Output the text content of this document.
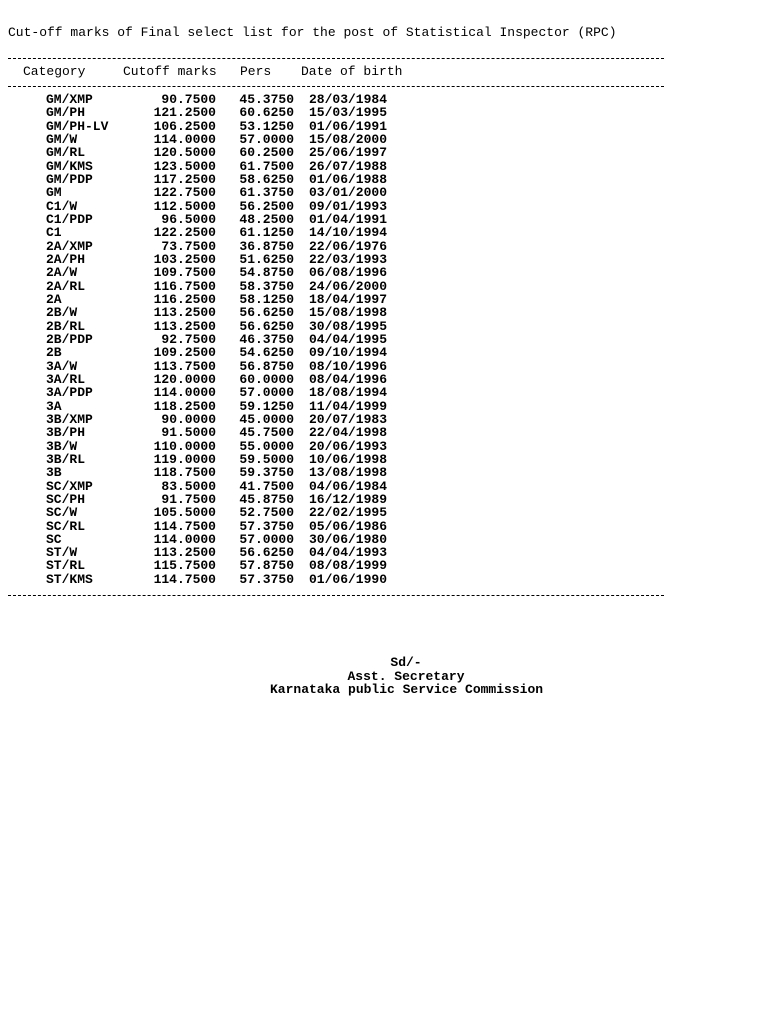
Cut-off marks of Final select list for the post of Statistical Inspector (RPC)
Category	Cutoff marks Pers Date of birth
GM/XMP	90.7500 45.3750 28/03/1984
GM/PH	121.2500 60.6250 15/03/1995
GM/PH-LV	106.2500 53.1250 01/06/1991
GM/W	114.0000 57.0000 15/08/2000
GM/RL	120.5000 60.2500 25/06/1997
GM/KMS	123.5000 61.7500 26/07/1988
GM/PDP	117.2500 58.6250 01/06/1988
GM	122.7500 61.3750 03/01/2000
C1/W	112.5000 56.2500 09/01/1993
C1/PDP	96.5000 48.2500 01/04/1991
C1	122.2500 61.1250 14/10/1994
2A/XMP	73.7500 36.8750 22/06/1976
2A/PH	103.2500 51.6250 22/03/1993
2A/W	109.7500 54.8750 06/08/1996
2A/RL	116.7500 58.3750 24/06/2000
2A	116.2500 58.1250 18/04/1997
2B/W	113.2500 56.6250 15/08/1998
2B/RL	113.2500 56.6250 30/08/1995
2B/PDP	92.7500 46.3750 04/04/1995
2B	109.2500 54.6250 09/10/1994
3A/W	113.7500 56.8750 08/10/1996
3A/RL	120.0000 60.0000 08/04/1996
3A/PDP	114.0000 57.0000 18/08/1994
3A	118.2500 59.1250 11/04/1999
3B/XMP	90.0000 45.0000 20/07/1983
3B/PH	91.5000 45.7500 22/04/1998
3B/W	110.0000 55.0000 20/06/1993
3B/RL	119.0000 59.5000 10/06/1998
3B	118.7500 59.3750 13/08/1998
SC/XMP	83.5000 41.7500 04/06/1984
SC/PH	91.7500 45.8750 16/12/1989
SC/W	105.5000 52.7500 22/02/1995
SC/RL	114.7500 57.3750 05/06/1986
SC	114.0000 57.0000 30/06/1980
ST/W	113.2500 56.6250 04/04/1993
ST/RL	115.7500 57.8750 08/08/1999
ST/KMS	114.7500 57.3750 01/06/1990
Sd/-
Asst. Secretary
Karnataka public Service Commission
